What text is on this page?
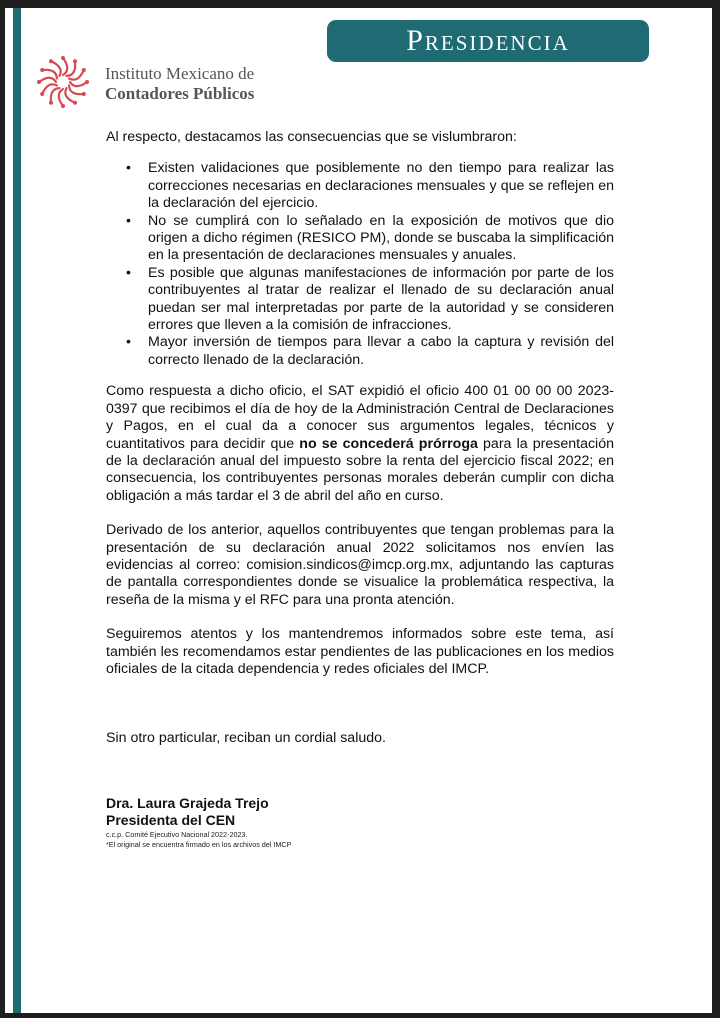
Presidencia
Instituto Mexicano de
Contadores Públicos

Al respecto, destacamos las consecuencias que se vislumbraron:

• Existen validaciones que posiblemente no den tiempo para realizar las correcciones necesarias en declaraciones mensuales y que se reflejen en la declaración del ejercicio.
• No se cumplirá con lo señalado en la exposición de motivos que dio origen a dicho régimen (RESICO PM), donde se buscaba la simplificación en la presentación de declaraciones mensuales y anuales.
• Es posible que algunas manifestaciones de información por parte de los contribuyentes al tratar de realizar el llenado de su declaración anual puedan ser mal interpretadas por parte de la autoridad y se consideren errores que lleven a la comisión de infracciones.
• Mayor inversión de tiempos para llevar a cabo la captura y revisión del correcto llenado de la declaración.

Como respuesta a dicho oficio, el SAT expidió el oficio 400 01 00 00 00 2023-0397 que recibimos el día de hoy de la Administración Central de Declaraciones y Pagos, en el cual da a conocer sus argumentos legales, técnicos y cuantitativos para decidir que no se concederá prórroga para la presentación de la declaración anual del impuesto sobre la renta del ejercicio fiscal 2022; en consecuencia, los contribuyentes personas morales deberán cumplir con dicha obligación a más tardar el 3 de abril del año en curso.

Derivado de los anterior, aquellos contribuyentes que tengan problemas para la presentación de su declaración anual 2022 solicitamos nos envíen las evidencias al correo: comision.sindicos@imcp.org.mx, adjuntando las capturas de pantalla correspondientes donde se visualice la problemática respectiva, la reseña de la misma y el RFC para una pronta atención.

Seguiremos atentos y los mantendremos informados sobre este tema, así también les recomendamos estar pendientes de las publicaciones en los medios oficiales de la citada dependencia y redes oficiales del IMCP.

Sin otro particular, reciban un cordial saludo.
Dra. Laura Grajeda Trejo
Presidenta del CEN
c.c.p. Comité Ejecutivo Nacional 2022-2023.
*El original se encuentra firmado en los archivos del IMCP
